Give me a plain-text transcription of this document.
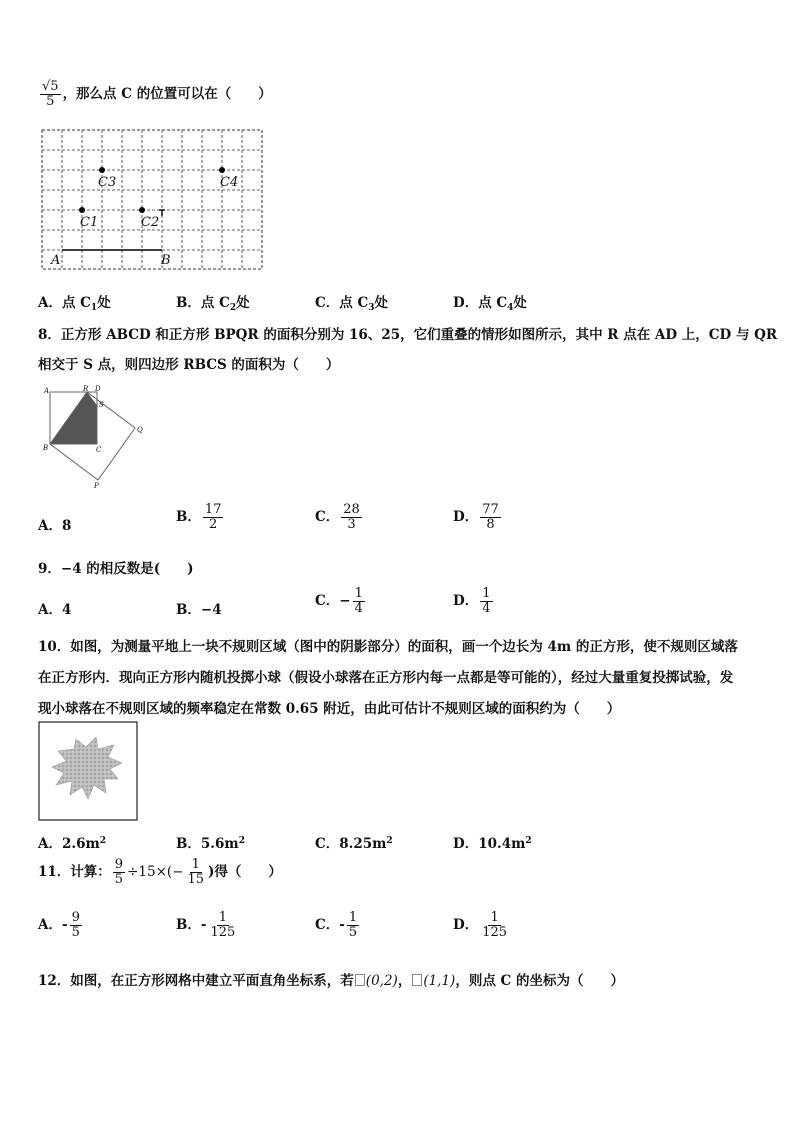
$\frac{√5}{5}$ ，那么点 C 的位置可以在（　　）
C3	C4
C1	C2
A	B
A．点 $C_1$处	B．点 $C_2$处	C．点 $C_3$处	D．点 $C_4$处
8．正方形 ABCD 和正方形 BPQR 的面积分别为 16、25，它们重叠的情形如图所示，其中 R 点在 AD 上，CD 与 QR
相交于 S 点，则四边形 RBCS 的面积为（　　）
A	R D
S
Q
B	C
P
A．8
B． $\frac{17}{2}$	C． $\frac{28}{3}$	D． $\frac{77}{8}$
9．−4 的相反数是(　　)
A．4	B．−4
C．− $\frac{1}{4}$	D． $\frac{1}{4}$
10．如图，为测量平地上一块不规则区域（图中的阴影部分）的面积，画一个边长为 4m 的正方形，使不规则区域落
在正方形内．现向正方形内随机投掷小球（假设小球落在正方形内每一点都是等可能的），经过大量重复投掷试验，发
现小球落在不规则区域的频率稳定在常数 0.65 附近，由此可估计不规则区域的面积约为（　　）
A．$2.6m^2$	B．$5.6m^2$	C．$8.25m^2$	D．$10.4m^2$
11．计算： $\frac{9}{5} \div 15\times(- \frac{1}{15}$ )得（　　）
A．- $\frac{9}{5}$	B．- $\frac{1}{125}$	C．- $\frac{1}{5}$	D． $\frac{1}{125}$
12．如图，在正方形网格中建立平面直角坐标系，若 (0,2)， (1,1)，则点 C 的坐标为（　　）
